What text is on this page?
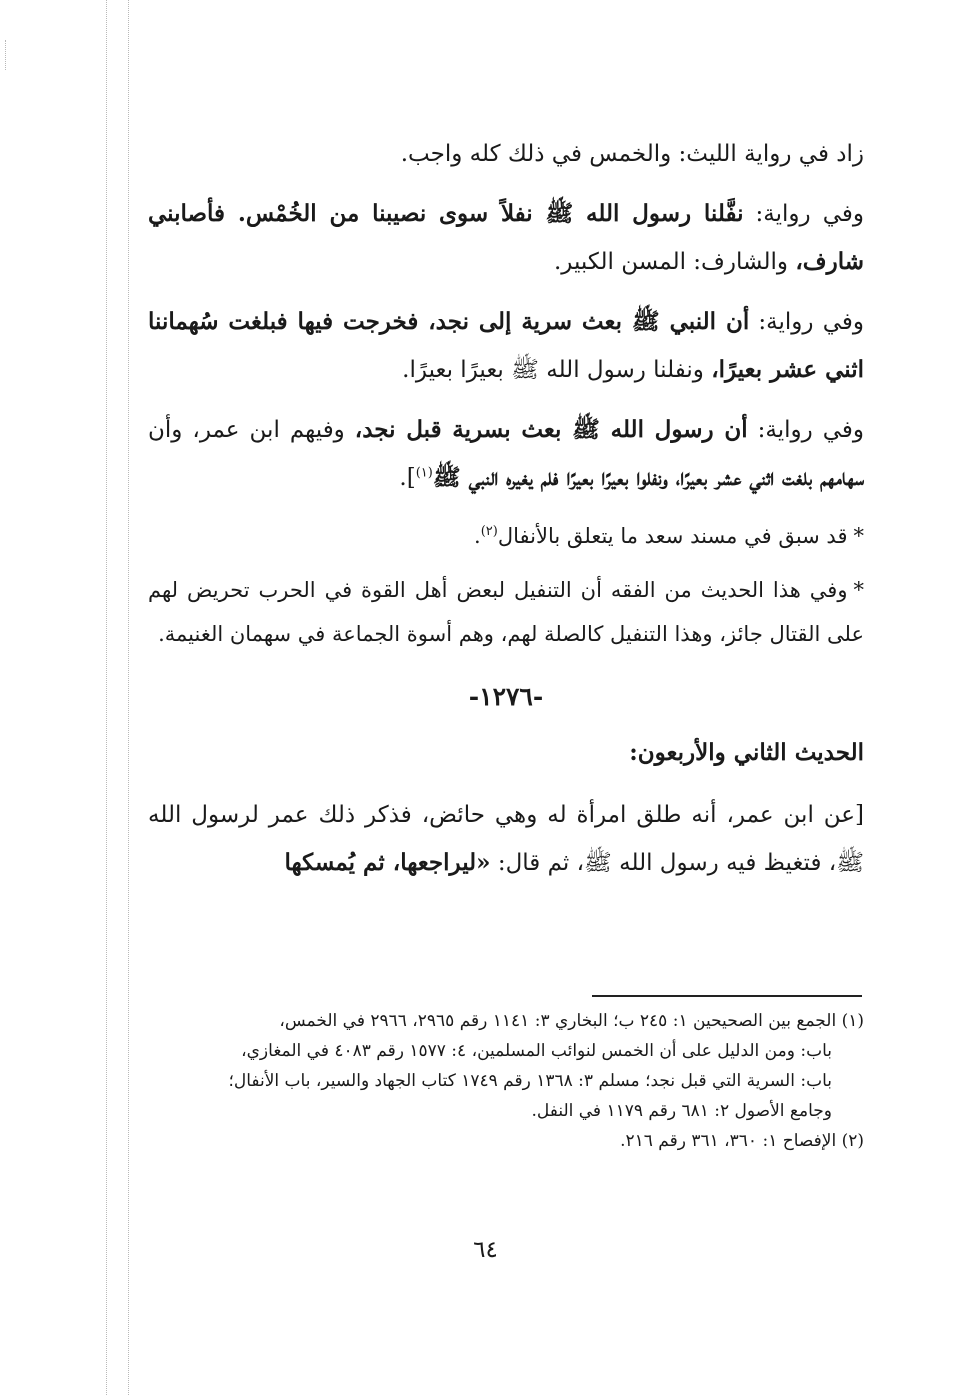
زاد في رواية الليث: والخمس في ذلك كله واجب.

وفي رواية: نفَّلنا رسول الله ﷺ نفلاً سوى نصيبنا من الخُمْس. فأصابني شارف، والشارف: المسن الكبير.

وفي رواية: أن النبي ﷺ بعث سرية إلى نجد، فخرجت فيها فبلغت سُهماننا اثني عشر بعيرًا، ونفلنا رسول الله ﷺ بعيرًا بعيرًا.

وفي رواية: أن رسول الله ﷺ بعث بسرية قبل نجد، وفيهم ابن عمر، وأن سهامهم بلغت اثني عشر بعيرًا، ونفلوا بعيرًا بعيرًا فلم يغيره النبي ﷺ$^{(١)}$].

*قد سبق في مسند سعد ما يتعلق بالأنفال$^{(٢)}$.

*وفي هذا الحديث من الفقه أن التنفيل لبعض أهل القوة في الحرب تحريض لهم على القتال جائز، وهذا التنفيل كالصلة لهم، وهم أسوة الجماعة في سهمان الغنيمة.

-١٢٧٦-
الحديث الثاني والأربعون:

[عن ابن عمر، أنه طلق امرأة له وهي حائض، فذكر ذلك عمر لرسول الله ﷺ، فتغيظ فيه رسول الله ﷺ، ثم قال: «ليراجعها، ثم يُمسكها

(١) الجمع بين الصحيحين ١: ٢٤٥ ب؛ البخاري ٣: ١١٤١ رقم ٢٩٦٥، ٢٩٦٦ في الخمس،

باب: ومن الدليل على أن الخمس لنوائب المسلمين، ٤: ١٥٧٧ رقم ٤٠٨٣ في المغازي،

باب: السرية التي قبل نجد؛ مسلم ٣: ١٣٦٨ رقم ١٧٤٩ كتاب الجهاد والسير، باب الأنفال؛

وجامع الأصول ٢: ٦٨١ رقم ١١٧٩ في النفل.

(٢) الإفصاح ١: ٣٦٠، ٣٦١ رقم ٢١٦.

٦٤
